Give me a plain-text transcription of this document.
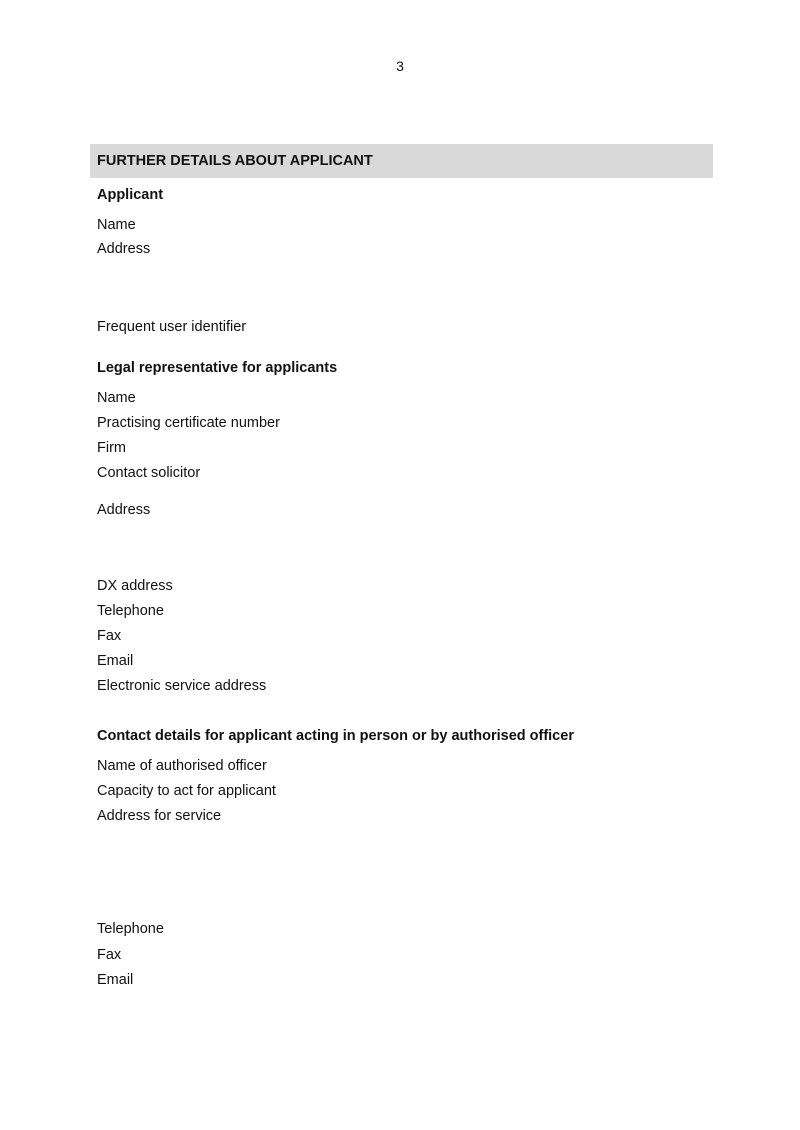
3
FURTHER DETAILS ABOUT APPLICANT
Applicant
Name
Address
Frequent user identifier
Legal representative for applicants
Name
Practising certificate number
Firm
Contact solicitor
Address
DX address
Telephone
Fax
Email
Electronic service address
Contact details for applicant acting in person or by authorised officer
Name of authorised officer
Capacity to act for applicant
Address for service
Telephone
Fax
Email
